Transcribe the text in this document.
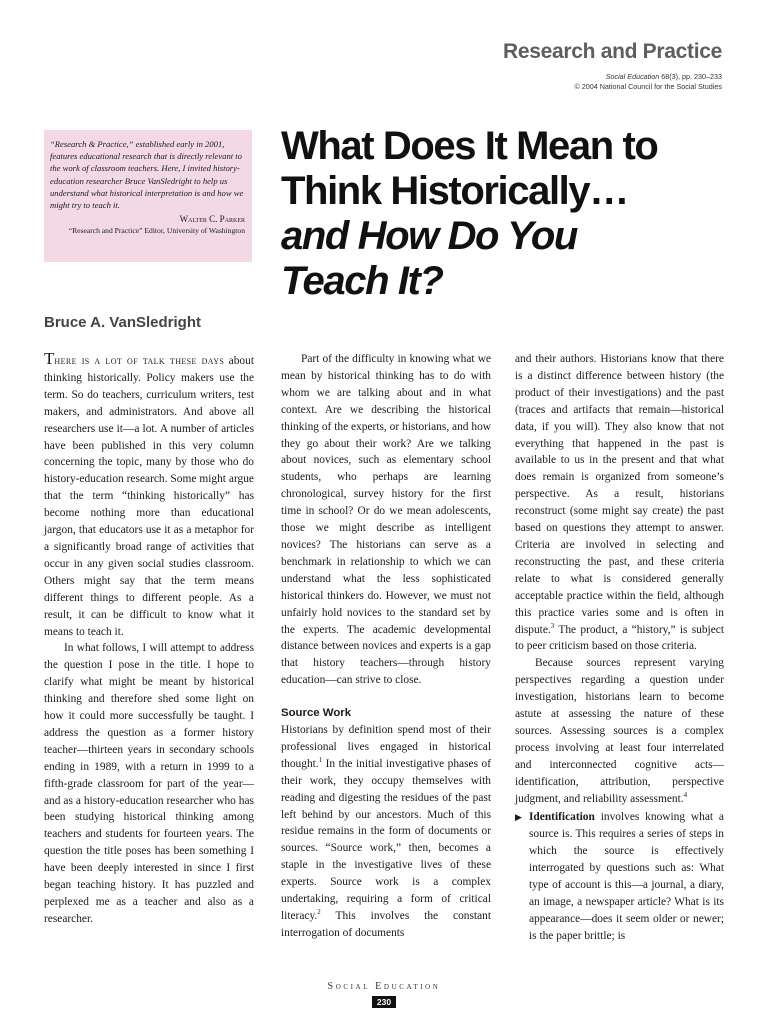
Research and Practice
Social Education 68(3), pp. 230–233
© 2004 National Council for the Social Studies

“Research & Practice,” established early in 2001, features educational research that is directly relevant to the work of classroom teachers. Here, I invited history-education researcher Bruce VanSledright to help us understand what historical interpretation is and how we might try to teach it.

Walter C. Parker
“Research and Practice” Editor, University of Washington
What Does It Mean to
Think Historically…
and How Do You
Teach It?
Bruce A. VanSledright

There is a lot of talk these days about thinking historically. Policy makers use the term. So do teachers, curriculum writers, test makers, and administrators. And above all researchers use it—a lot. A number of articles have been published in this very column concerning the topic, many by those who do history-education research. Some might argue that the term “thinking historically” has become nothing more than educational jargon, that educators use it as a metaphor for a significantly broad range of activities that occur in any given social studies classroom. Others might say that the term means different things to different people. As a result, it can be difficult to know what it means to teach it.

In what follows, I will attempt to address the question I pose in the title. I hope to clarify what might be meant by historical thinking and therefore shed some light on how it could more successfully be taught. I address the question as a former history teacher—thirteen years in secondary schools ending in 1989, with a return in 1999 to a fifth-grade classroom for part of the year—and as a history-education researcher who has been studying historical thinking among teachers and students for fourteen years. The question the title poses has been something I have been deeply interested in since I first began teaching history. It has puzzled and perplexed me as a teacher and also as a researcher.

Part of the difficulty in knowing what we mean by historical thinking has to do with whom we are talking about and in what context. Are we describing the historical thinking of the experts, or historians, and how they go about their work? Are we talking about novices, such as elementary school students, who perhaps are learning chronological, survey history for the first time in school? Or do we mean adolescents, those we might describe as intelligent novices? The historians can serve as a benchmark in relationship to which we can understand what the less sophisticated historical thinkers do. However, we must not unfairly hold novices to the standard set by the experts. The academic developmental distance between novices and experts is a gap that history teachers—through history education—can strive to close.

Source Work

Historians by definition spend most of their professional lives engaged in historical thought.$^1$ In the initial investigative phases of their work, they occupy themselves with reading and digesting the residues of the past left behind by our ancestors. Much of this residue remains in the form of documents or sources. “Source work,” then, becomes a staple in the investigative lives of these experts. Source work is a complex undertaking, requiring a form of critical literacy.$^2$ This involves the constant interrogation of documents

and their authors. Historians know that there is a distinct difference between history (the product of their investigations) and the past (traces and artifacts that remain—historical data, if you will). They also know that not everything that happened in the past is available to us in the present and that what does remain is organized from someone’s perspective. As a result, historians reconstruct (some might say create) the past based on questions they attempt to answer. Criteria are involved in selecting and reconstructing the past, and these criteria relate to what is considered generally acceptable practice within the field, although this practice varies some and is often in dispute.$^3$ The product, a “history,” is subject to peer criticism based on those criteria.

Because sources represent varying perspectives regarding a question under investigation, historians learn to become astute at assessing the nature of these sources. Assessing sources is a complex process involving at least four interrelated and interconnected cognitive acts—identification, attribution, perspective judgment, and reliability assessment.$^4$

▶ Identification involves knowing what a source is. This requires a series of steps in which the source is effectively interrogated by questions such as: What type of account is this—a journal, a diary, an image, a newspaper article? What is its appearance—does it seem older or newer; is the paper brittle; is
Social Education
230
